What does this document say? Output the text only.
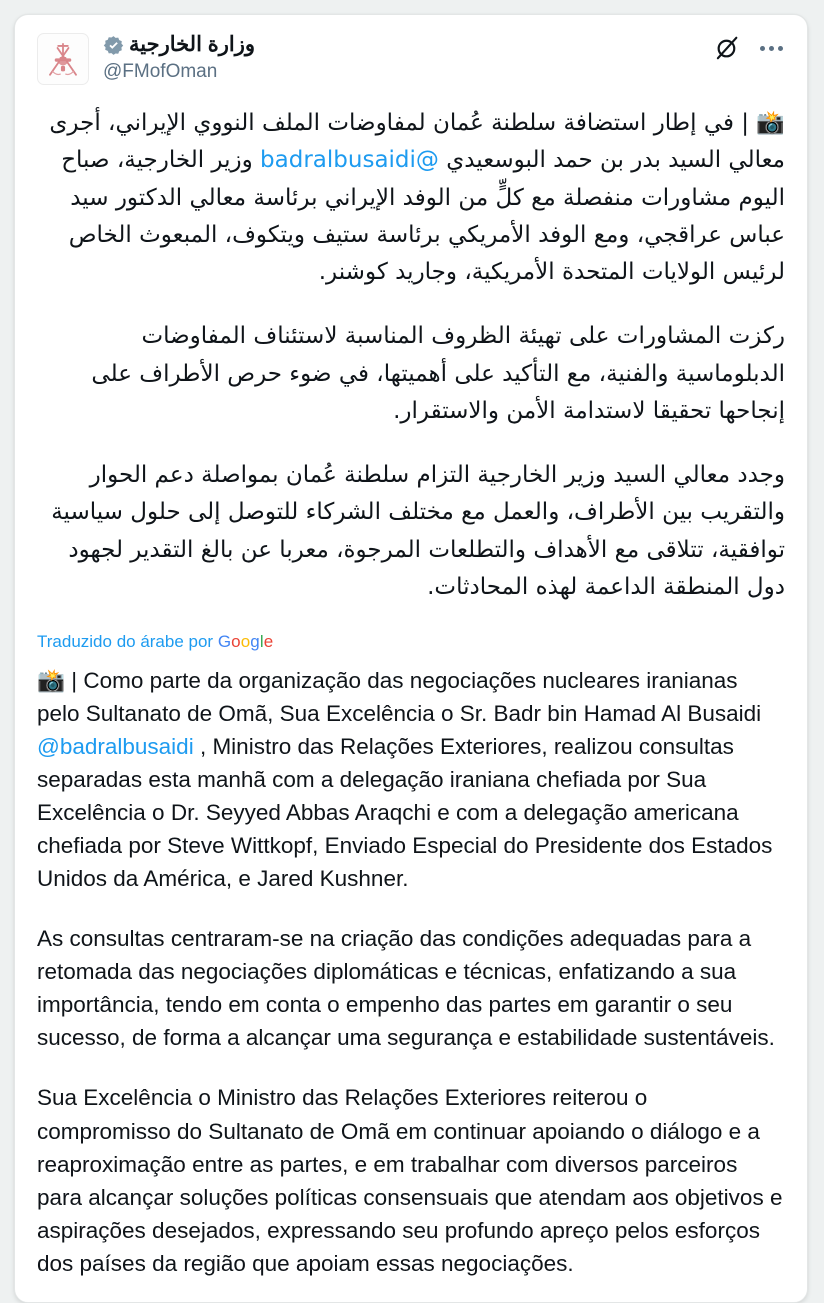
وزارة الخارجية
@FMofOman

📸 | في إطار استضافة سلطنة عُمان لمفاوضات الملف النووي الإيراني، أجرى معالي السيد بدر بن حمد البوسعيدي @badralbusaidi وزير الخارجية، صباح اليوم مشاورات منفصلة مع كلٍّ من الوفد الإيراني برئاسة معالي الدكتور سيد عباس عراقجي، ومع الوفد الأمريكي برئاسة ستيف ويتكوف، المبعوث الخاص لرئيس الولايات المتحدة الأمريكية، وجاريد كوشنر.

ركزت المشاورات على تهيئة الظروف المناسبة لاستئناف المفاوضات الدبلوماسية والفنية، مع التأكيد على أهميتها، في ضوء حرص الأطراف على إنجاحها تحقيقا لاستدامة الأمن والاستقرار.

وجدد معالي السيد وزير الخارجية التزام سلطنة عُمان بمواصلة دعم الحوار والتقريب بين الأطراف، والعمل مع مختلف الشركاء للتوصل إلى حلول سياسية توافقية، تتلاقى مع الأهداف والتطلعات المرجوة، معربا عن بالغ التقدير لجهود دول المنطقة الداعمة لهذه المحادثات.

Traduzido do árabe por Google

📸 | Como parte da organização das negociações nucleares iranianas pelo Sultanato de Omã, Sua Excelência o Sr. Badr bin Hamad Al Busaidi @badralbusaidi , Ministro das Relações Exteriores, realizou consultas separadas esta manhã com a delegação iraniana chefiada por Sua Excelência o Dr. Seyyed Abbas Araqchi e com a delegação americana chefiada por Steve Wittkopf, Enviado Especial do Presidente dos Estados Unidos da América, e Jared Kushner.

As consultas centraram-se na criação das condições adequadas para a retomada das negociações diplomáticas e técnicas, enfatizando a sua importância, tendo em conta o empenho das partes em garantir o seu sucesso, de forma a alcançar uma segurança e estabilidade sustentáveis.

Sua Excelência o Ministro das Relações Exteriores reiterou o compromisso do Sultanato de Omã em continuar apoiando o diálogo e a reaproximação entre as partes, e em trabalhar com diversos parceiros para alcançar soluções políticas consensuais que atendam aos objetivos e aspirações desejados, expressando seu profundo apreço pelos esforços dos países da região que apoiam essas negociações.
